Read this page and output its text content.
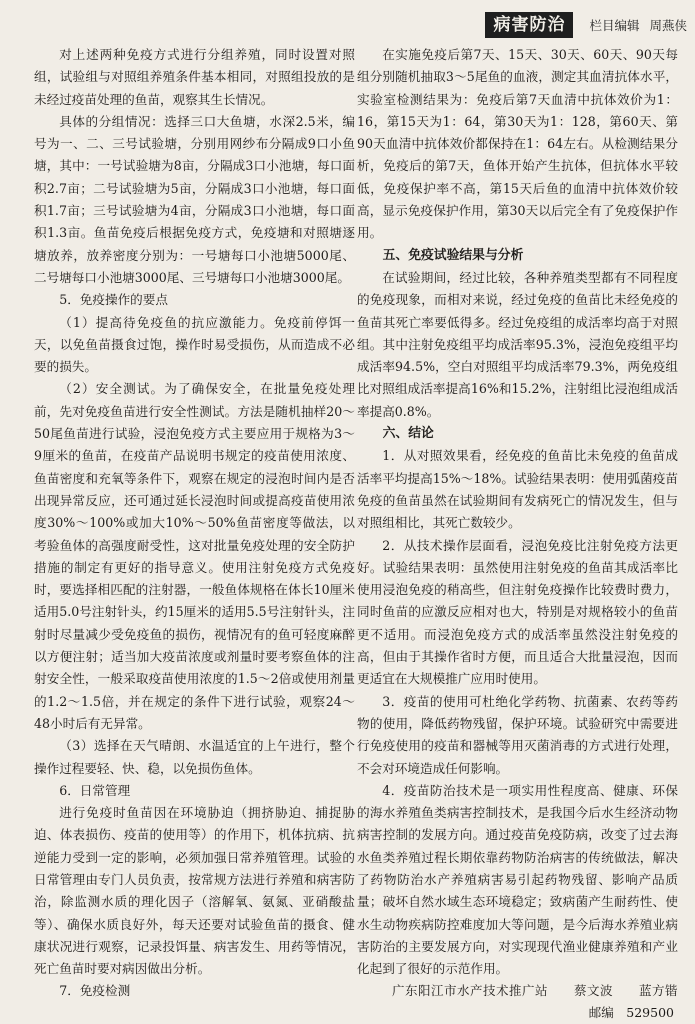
病害防治	栏目编辑 周燕侠

对上述两种免疫方式进行分组养殖，同时设置对照组，试验组与对照组养殖条件基本相同，对照组投放的是未经过疫苗处理的鱼苗，观察其生长情况。

具体的分组情况：选择三口大鱼塘，水深2.5米，编号为一、二、三号试验塘，分别用网纱布分隔成9口小鱼塘，其中：一号试验塘为8亩，分隔成3口小池塘，每口面积2.7亩；二号试验塘为5亩，分隔成3口小池塘，每口面积1.7亩；三号试验塘为4亩，分隔成3口小池塘，每口面积1.3亩。鱼苗免疫后根据免疫方式，免疫塘和对照塘逐塘放养，放养密度分别为：一号塘每口小池塘5000尾、二号塘每口小池塘3000尾、三号塘每口小池塘3000尾。

5．免疫操作的要点

（1）提高待免疫鱼的抗应激能力。免疫前停饵一天，以免鱼苗摄食过饱，操作时易受损伤，从而造成不必要的损失。

（2）安全测试。为了确保安全，在批量免疫处理前，先对免疫鱼苗进行安全性测试。方法是随机抽样20～50尾鱼苗进行试验，浸泡免疫方式主要应用于规格为3～9厘米的鱼苗，在疫苗产品说明书规定的疫苗使用浓度、鱼苗密度和充氧等条件下，观察在规定的浸泡时间内是否出现异常反应，还可通过延长浸泡时间或提高疫苗使用浓度30%～100%或加大10%～50%鱼苗密度等做法，以考验鱼体的高强度耐受性，这对批量免疫处理的安全防护措施的制定有更好的指导意义。使用注射免疫方式免疫时，要选择相匹配的注射器，一般鱼体规格在体长10厘米适用5.0号注射针头，约15厘米的适用5.5号注射针头，注射时尽量减少受免疫鱼的损伤，视情况有的鱼可轻度麻醉以方便注射；适当加大疫苗浓度或剂量时要考察鱼体的注射安全性，一般采取疫苗使用浓度的1.5～2倍或使用剂量的1.2～1.5倍，并在规定的条件下进行试验，观察24～48小时后有无异常。

（3）选择在天气晴朗、水温适宜的上午进行，整个操作过程要轻、快、稳，以免损伤鱼体。

6．日常管理

进行免疫时鱼苗因在环境胁迫（拥挤胁迫、捕捉胁迫、体表损伤、疫苗的使用等）的作用下，机体抗病、抗逆能力受到一定的影响，必须加强日常养殖管理。试验的日常管理由专门人员负责，按常规方法进行养殖和病害防治，除监测水质的理化因子（溶解氧、氨氮、亚硝酸盐等）、确保水质良好外，每天还要对试验鱼苗的摄食、健康状况进行观察，记录投饵量、病害发生、用药等情况，死亡鱼苗时要对病因做出分析。

7．免疫检测

在实施免疫后第7天、15天、30天、60天、90天每组分别随机抽取3～5尾鱼的血液，测定其血清抗体水平，实验室检测结果为：免疫后第7天血清中抗体效价为1：16，第15天为1：64，第30天为1：128，第60天、第90天血清中抗体效价都保持在1：64左右。从检测结果分析，免疫后的第7天，鱼体开始产生抗体，但抗体水平较低，免疫保护率不高，第15天后鱼的血清中抗体效价较高，显示免疫保护作用，第30天以后完全有了免疫保护作用。

五、免疫试验结果与分析

在试验期间，经过比较，各种养殖类型都有不同程度的免疫现象，而相对来说，经过免疫的鱼苗比未经免疫的鱼苗其死亡率要低得多。经过免疫组的成活率均高于对照组。其中注射免疫组平均成活率95.3%，浸泡免疫组平均成活率94.5%，空白对照组平均成活率79.3%，两免疫组比对照组成活率提高16%和15.2%，注射组比浸泡组成活率提高0.8%。

六、结论

1．从对照效果看，经免疫的鱼苗比未免疫的鱼苗成活率平均提高15%～18%。试验结果表明：使用弧菌疫苗免疫的鱼苗虽然在试验期间有发病死亡的情况发生，但与对照组相比，其死亡数较少。

2．从技术操作层面看，浸泡免疫比注射免疫方法更好。试验结果表明：虽然使用注射免疫的鱼苗其成活率比使用浸泡免疫的稍高些，但注射免疫操作比较费时费力，同时鱼苗的应激反应相对也大，特别是对规格较小的鱼苗更不适用。而浸泡免疫方式的成活率虽然没注射免疫的高，但由于其操作省时方便，而且适合大批量浸泡，因而更适宜在大规模推广应用时使用。

3．疫苗的使用可杜绝化学药物、抗菌素、农药等药物的使用，降低药物残留，保护环境。试验研究中需要进行免疫使用的疫苗和器械等用灭菌消毒的方式进行处理，不会对环境造成任何影响。

4．疫苗防治技术是一项实用性程度高、健康、环保的海水养殖鱼类病害控制技术，是我国今后水生经济动物病害控制的发展方向。通过疫苗免疫防病，改变了过去海水鱼类养殖过程长期依靠药物防治病害的传统做法，解决了药物防治水产养殖病害易引起药物残留、影响产品质量；破坏自然水域生态环境稳定；致病菌产生耐药性、使水生动物疾病防控难度加大等问题，是今后海水养殖业病害防治的主要发展方向，对实现现代渔业健康养殖和产业化起到了很好的示范作用。

广东阳江市水产技术推广站　　蔡文波　　蓝方锴
邮编　529500
